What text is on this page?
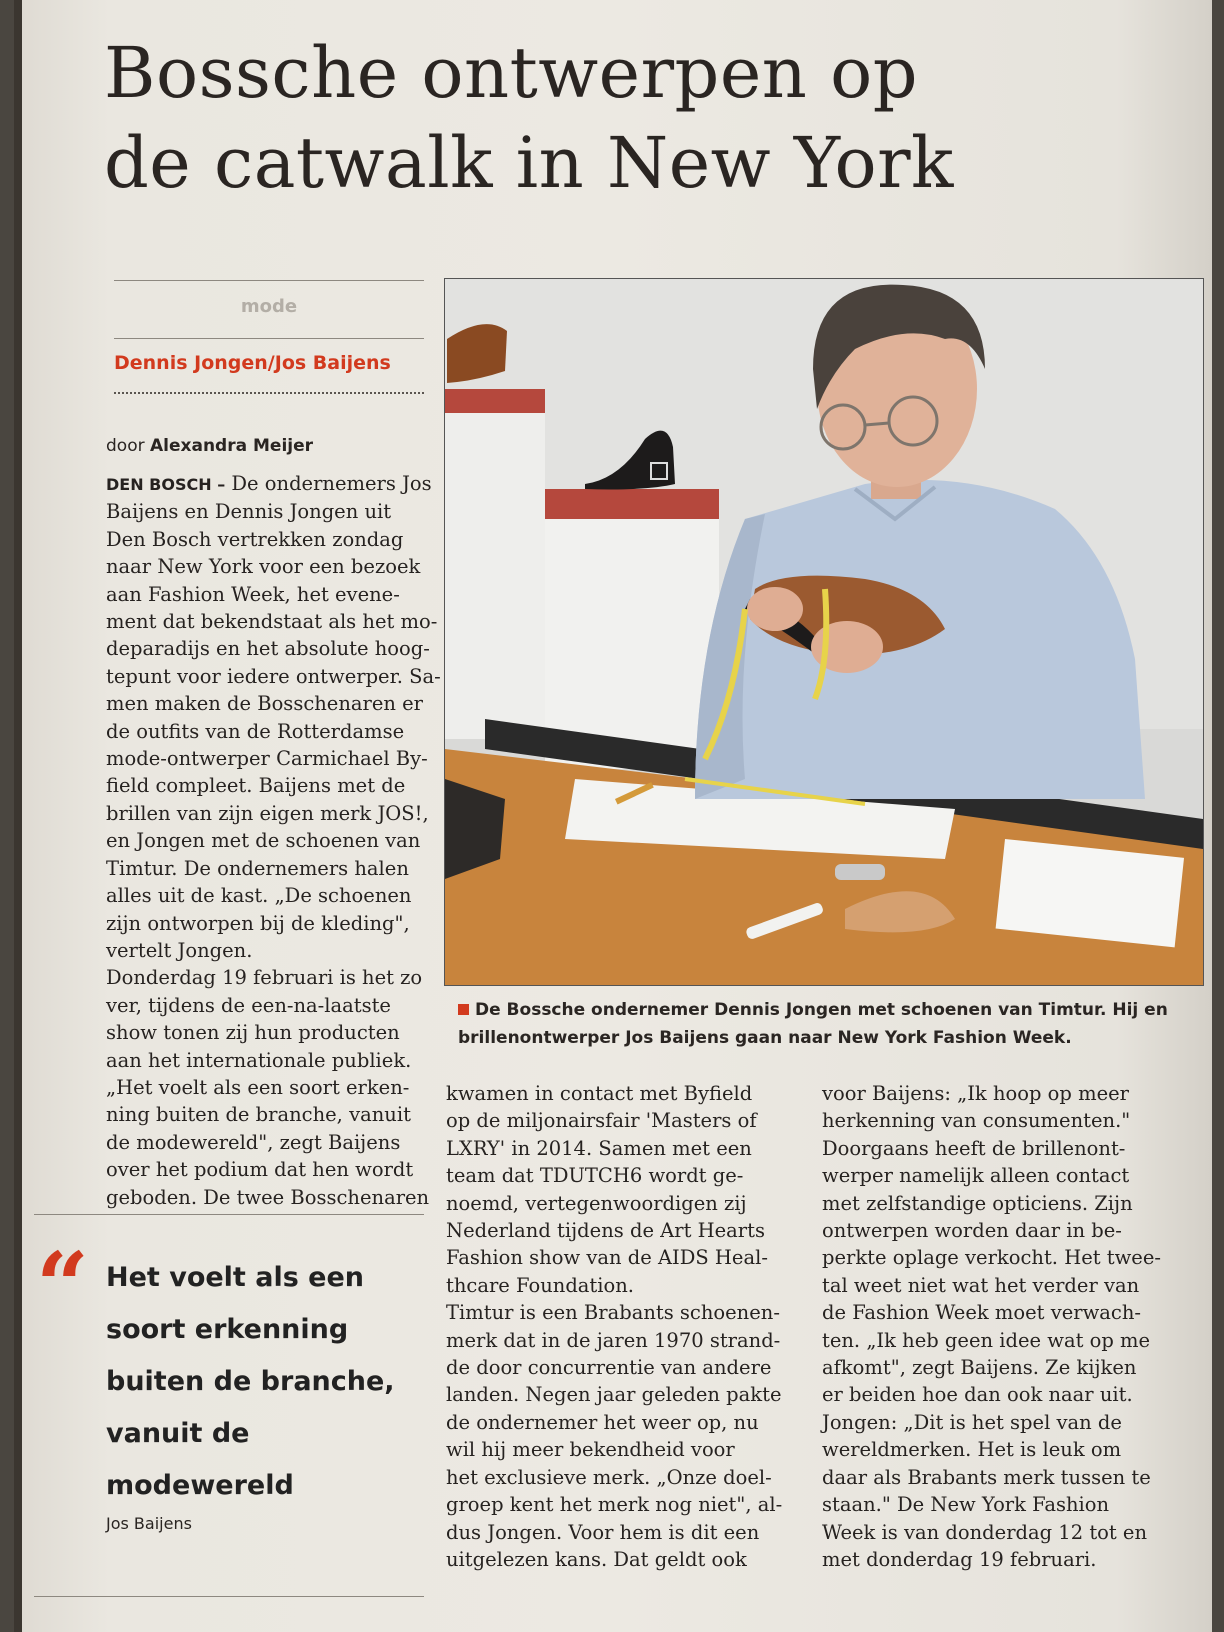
Bossche ontwerpen op
de catwalk in New York
mode
Dennis Jongen/Jos Baijens
door Alexandra Meijer
DEN BOSCH – De ondernemers Jos
Baijens en Dennis Jongen uit
Den Bosch vertrekken zondag
naar New York voor een bezoek
aan Fashion Week, het evene-
ment dat bekendstaat als het mo-
deparadijs en het absolute hoog-
tepunt voor iedere ontwerper. Sa-
men maken de Bosschenaren er
de outfits van de Rotterdamse
mode-ontwerper Carmichael By-
field compleet. Baijens met de
brillen van zijn eigen merk JOS!,
en Jongen met de schoenen van
Timtur. De ondernemers halen
alles uit de kast. „De schoenen
zijn ontworpen bij de kleding",
vertelt Jongen.
Donderdag 19 februari is het zo
ver, tijdens de een-na-laatste
show tonen zij hun producten
aan het internationale publiek.
„Het voelt als een soort erken-
ning buiten de branche, vanuit
de modewereld", zegt Baijens
over het podium dat hen wordt
geboden. De twee Bosschenaren
kwamen in contact met Byfield
op de miljonairsfair 'Masters of
LXRY' in 2014. Samen met een
team dat TDUTCH6 wordt ge-
noemd, vertegenwoordigen zij
Nederland tijdens de Art Hearts
Fashion show van de AIDS Heal-
thcare Foundation.
Timtur is een Brabants schoenen-
merk dat in de jaren 1970 strand-
de door concurrentie van andere
landen. Negen jaar geleden pakte
de ondernemer het weer op, nu
wil hij meer bekendheid voor
het exclusieve merk. „Onze doel-
groep kent het merk nog niet", al-
dus Jongen. Voor hem is dit een
uitgelezen kans. Dat geldt ook
voor Baijens: „Ik hoop op meer
herkenning van consumenten."
Doorgaans heeft de brillenont-
werper namelijk alleen contact
met zelfstandige opticiens. Zijn
ontwerpen worden daar in be-
perkte oplage verkocht. Het twee-
tal weet niet wat het verder van
de Fashion Week moet verwach-
ten. „Ik heb geen idee wat op me
afkomt", zegt Baijens. Ze kijken
er beiden hoe dan ook naar uit.
Jongen: „Dit is het spel van de
wereldmerken. Het is leuk om
daar als Brabants merk tussen te
staan." De New York Fashion
Week is van donderdag 12 tot en
met donderdag 19 februari.
De Bossche ondernemer Dennis Jongen met schoenen van Timtur. Hij en
brillenontwerper Jos Baijens gaan naar New York Fashion Week.
“ Het voelt als een
soort erkenning
buiten de branche,
vanuit de
modewereld
Jos Baijens
